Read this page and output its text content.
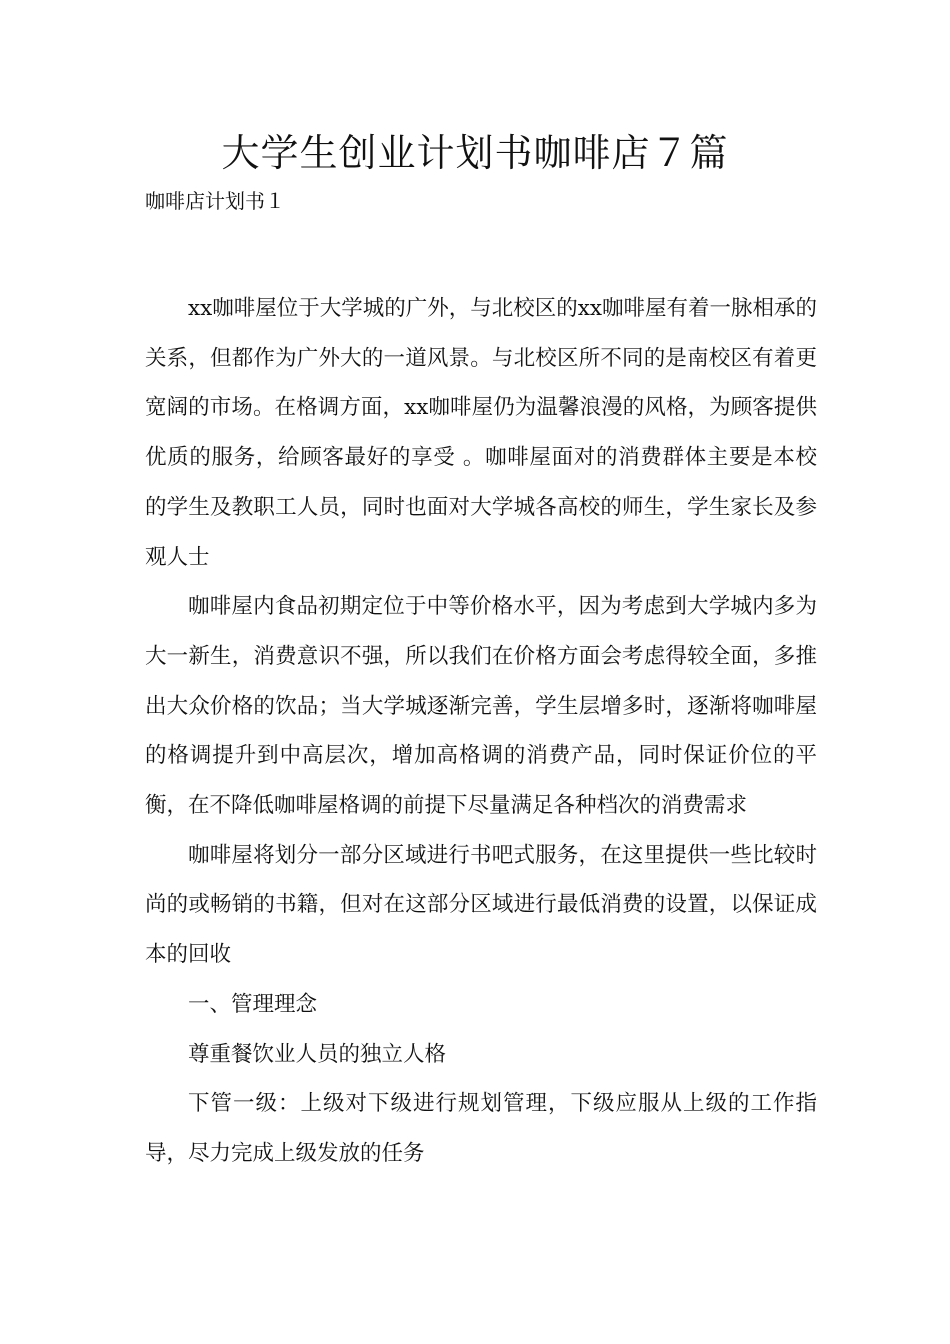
大学生创业计划书咖啡店７篇
咖啡店计划书１

xx咖啡屋位于大学城的广外，与北校区的xx咖啡屋有着一脉相承的关系，但都作为广外大的一道风景。与北校区所不同的是南校区有着更宽阔的市场。在格调方面，xx咖啡屋仍为温馨浪漫的风格，为顾客提供优质的服务，给顾客最好的享受 。咖啡屋面对的消费群体主要是本校的学生及教职工人员，同时也面对大学城各高校的师生，学生家长及参观人士

咖啡屋内食品初期定位于中等价格水平，因为考虑到大学城内多为大一新生，消费意识不强，所以我们在价格方面会考虑得较全面，多推出大众价格的饮品；当大学城逐渐完善，学生层增多时，逐渐将咖啡屋的格调提升到中高层次，增加高格调的消费产品，同时保证价位的平衡，在不降低咖啡屋格调的前提下尽量满足各种档次的消费需求

咖啡屋将划分一部分区域进行书吧式服务，在这里提供一些比较时尚的或畅销的书籍，但对在这部分区域进行最低消费的设置，以保证成本的回收

一、管理理念

尊重餐饮业人员的独立人格

下管一级：上级对下级进行规划管理，下级应服从上级的工作指导，尽力完成上级发放的任务
